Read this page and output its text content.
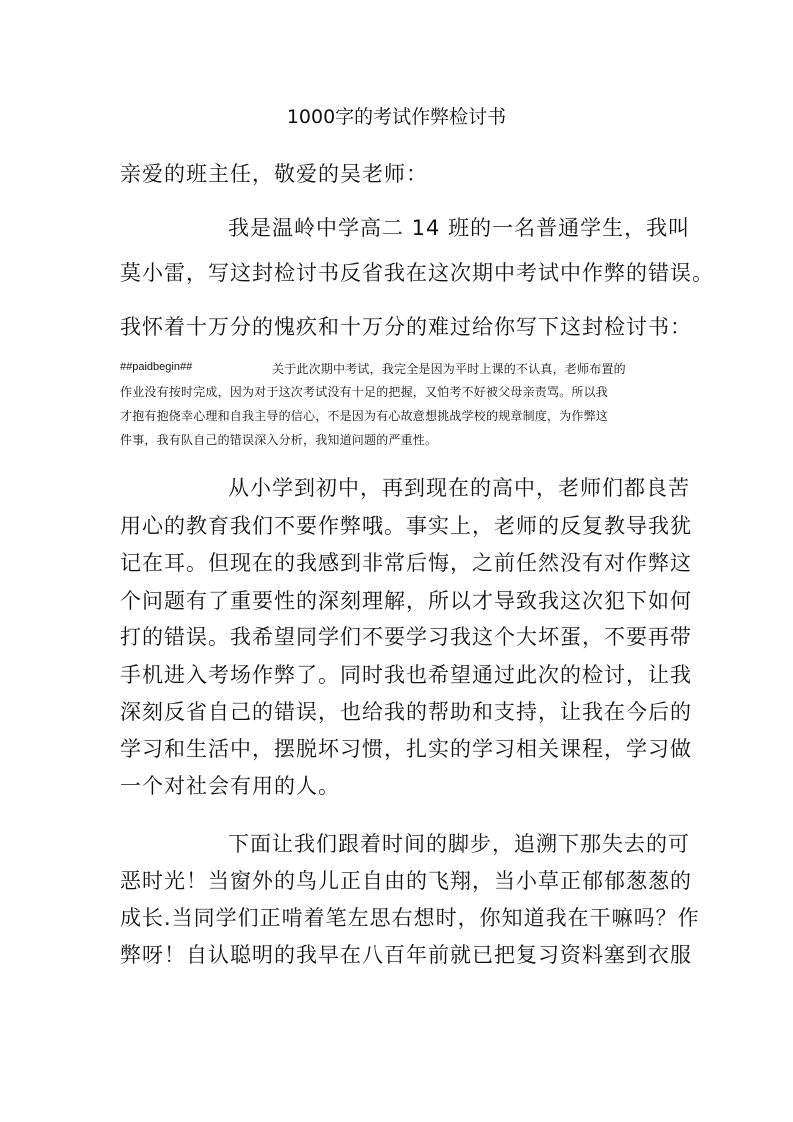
1000字的考试作弊检讨书
亲爱的班主任，敬爱的吴老师：
我是温岭中学高二 14 班的一名普通学生，我叫
莫小雷，写这封检讨书反省我在这次期中考试中作弊的错误。
我怀着十万分的愧疚和十万分的难过给你写下这封检讨书：
##paidbegin##	关于此次期中考试，我完全是因为平时上课的不认真，老师布置的
作业没有按时完成，因为对于这次考试没有十足的把握，又怕考不好被父母亲责骂。所以我
才抱有抱侥幸心理和自我主导的信心，不是因为有心故意想挑战学校的规章制度，为作弊这
件事，我有队自己的错误深入分析，我知道问题的严重性。
从小学到初中，再到现在的高中，老师们都良苦
用心的教育我们不要作弊哦。事实上，老师的反复教导我犹
记在耳。但现在的我感到非常后悔，之前任然没有对作弊这
个问题有了重要性的深刻理解，所以才导致我这次犯下如何
打的错误。我希望同学们不要学习我这个大坏蛋，不要再带
手机进入考场作弊了。同时我也希望通过此次的检讨，让我
深刻反省自己的错误，也给我的帮助和支持，让我在今后的
学习和生活中，摆脱坏习惯，扎实的学习相关课程，学习做
一个对社会有用的人。
下面让我们跟着时间的脚步，追溯下那失去的可
恶时光！当窗外的鸟儿正自由的飞翔，当小草正郁郁葱葱的
成长.当同学们正啃着笔左思右想时，你知道我在干嘛吗？作
弊呀！自认聪明的我早在八百年前就已把复习资料塞到衣服
